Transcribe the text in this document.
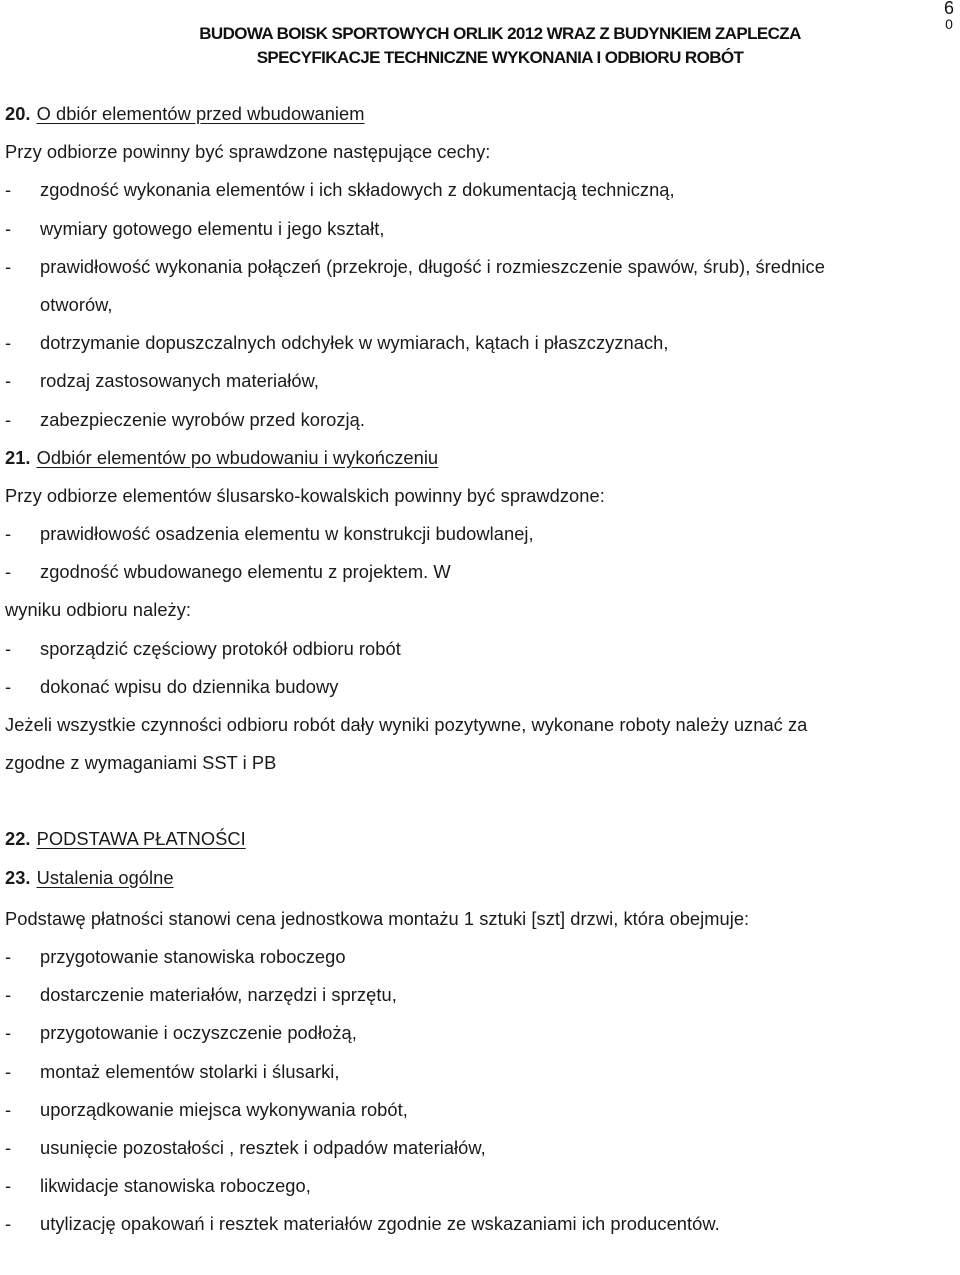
BUDOWA BOISK SPORTOWYCH ORLIK 2012 WRAZ Z BUDYNKIEM ZAPLECZA
SPECYFIKACJE TECHNICZNE WYKONANIA I ODBIORU ROBÓT
6
0
20. O dbiór elementów przed wbudowaniem
Przy odbiorze powinny być sprawdzone następujące cechy:
-	zgodność wykonania elementów i ich składowych z dokumentacją techniczną,
-	wymiary gotowego elementu i jego kształt,
-	prawidłowość wykonania połączeń (przekroje, długość i rozmieszczenie spawów, śrub), średnice
otworów,
-	dotrzymanie dopuszczalnych odchyłek w wymiarach, kątach i płaszczyznach,
-	rodzaj zastosowanych materiałów,
-	zabezpieczenie wyrobów przed korozją.
21. Odbiór elementów po wbudowaniu i wykończeniu
Przy odbiorze elementów ślusarsko-kowalskich powinny być sprawdzone:
-	prawidłowość osadzenia elementu w konstrukcji budowlanej,
-	zgodność wbudowanego elementu z projektem. W
wyniku odbioru należy:
-	sporządzić częściowy protokół odbioru robót
-	dokonać wpisu do dziennika budowy
Jeżeli wszystkie czynności odbioru robót dały wyniki pozytywne, wykonane roboty należy uznać za
zgodne z wymaganiami SST i PB
22. PODSTAWA PŁATNOŚCI
23. Ustalenia ogólne
Podstawę płatności stanowi cena jednostkowa montażu 1 sztuki [szt] drzwi, która obejmuje:
-	przygotowanie stanowiska roboczego
-	dostarczenie materiałów, narzędzi i sprzętu,
-	przygotowanie i oczyszczenie podłożą,
-	montaż elementów stolarki i ślusarki,
-	uporządkowanie miejsca wykonywania robót,
-	usunięcie pozostałości , resztek i odpadów materiałów,
-	likwidacje stanowiska roboczego,
-	utylizację opakowań i resztek materiałów zgodnie ze wskazaniami ich producentów.
